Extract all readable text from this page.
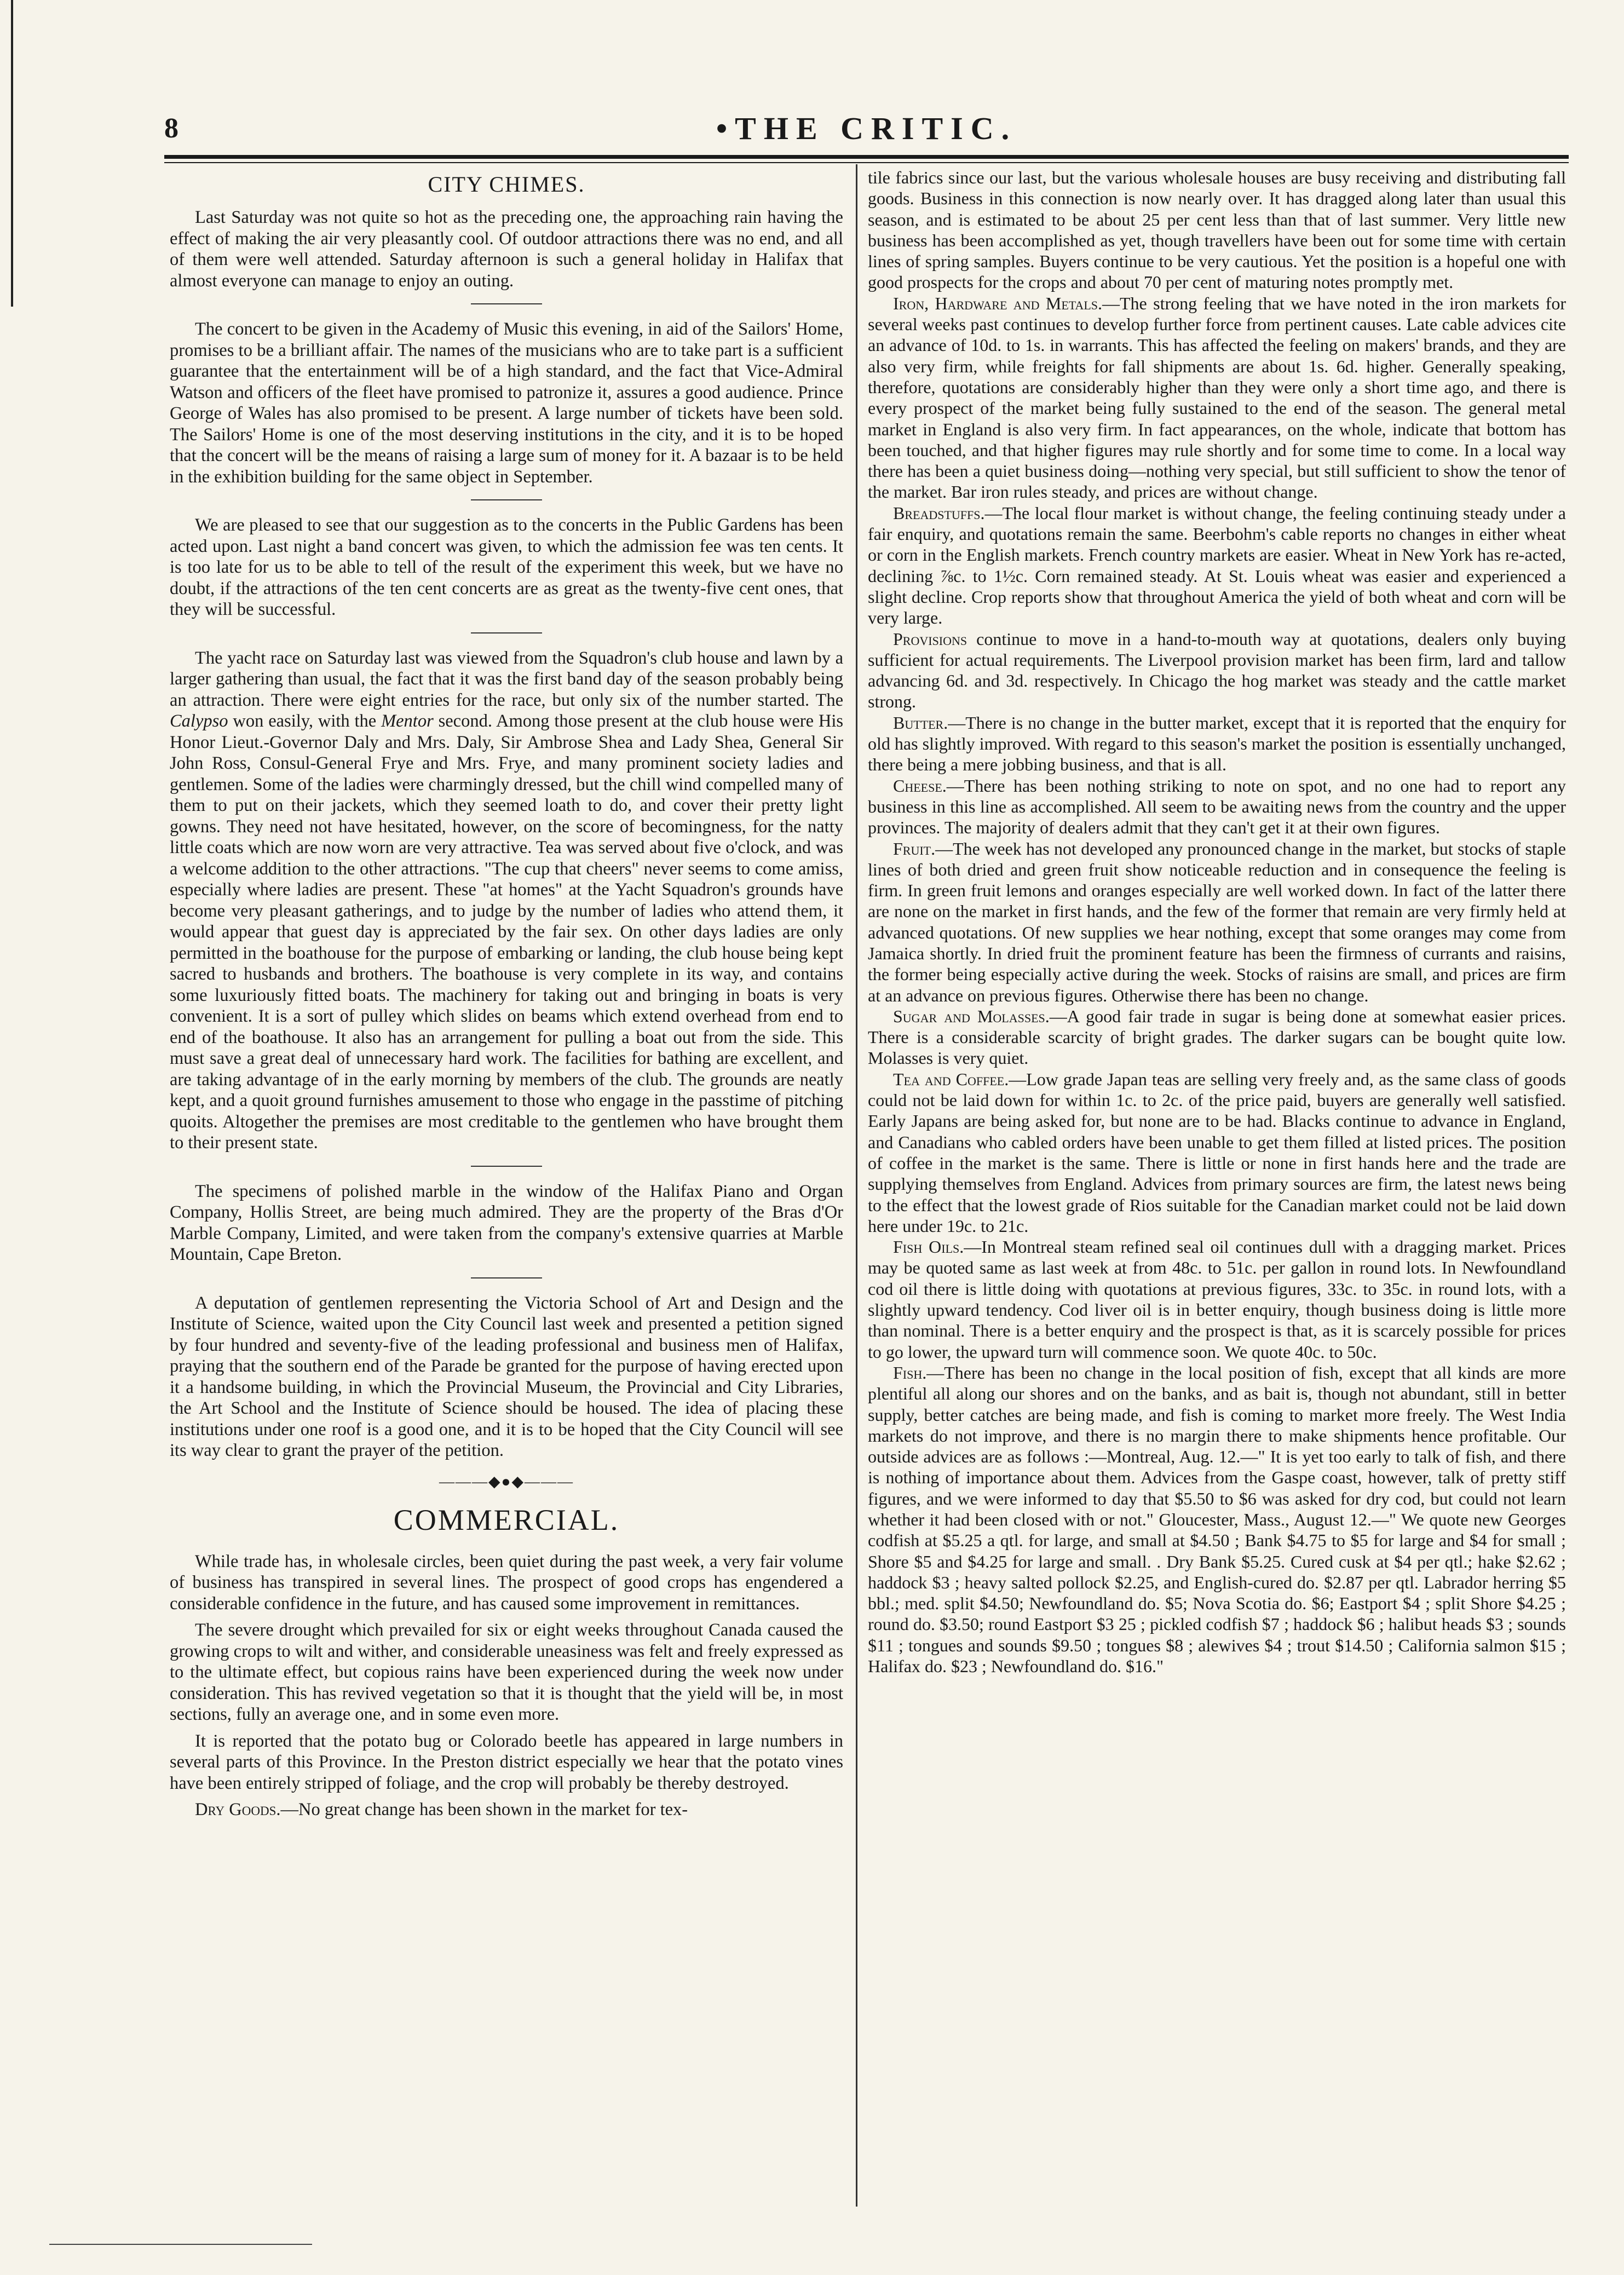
8	•THE CRITIC.
CITY CHIMES.

Last Saturday was not quite so hot as the preceding one, the approaching rain having the effect of making the air very pleasantly cool. Of outdoor attractions there was no end, and all of them were well attended. Saturday afternoon is such a general holiday in Halifax that almost everyone can manage to enjoy an outing.

The concert to be given in the Academy of Music this evening, in aid of the Sailors' Home, promises to be a brilliant affair. The names of the musicians who are to take part is a sufficient guarantee that the entertainment will be of a high standard, and the fact that Vice-Admiral Watson and officers of the fleet have promised to patronize it, assures a good audience. Prince George of Wales has also promised to be present. A large number of tickets have been sold. The Sailors' Home is one of the most deserving institutions in the city, and it is to be hoped that the concert will be the means of raising a large sum of money for it. A bazaar is to be held in the exhibition building for the same object in September.

We are pleased to see that our suggestion as to the concerts in the Public Gardens has been acted upon. Last night a band concert was given, to which the admission fee was ten cents. It is too late for us to be able to tell of the result of the experiment this week, but we have no doubt, if the attractions of the ten cent concerts are as great as the twenty-five cent ones, that they will be successful.

The yacht race on Saturday last was viewed from the Squadron's club house and lawn by a larger gathering than usual, the fact that it was the first band day of the season probably being an attraction. There were eight entries for the race, but only six of the number started. The Calypso won easily, with the Mentor second. Among those present at the club house were His Honor Lieut.-Governor Daly and Mrs. Daly, Sir Ambrose Shea and Lady Shea, General Sir John Ross, Consul-General Frye and Mrs. Frye, and many prominent society ladies and gentlemen. Some of the ladies were charmingly dressed, but the chill wind compelled many of them to put on their jackets, which they seemed loath to do, and cover their pretty light gowns. They need not have hesitated, however, on the score of becomingness, for the natty little coats which are now worn are very attractive. Tea was served about five o'clock, and was a welcome addition to the other attractions. "The cup that cheers" never seems to come amiss, especially where ladies are present. These "at homes" at the Yacht Squadron's grounds have become very pleasant gatherings, and to judge by the number of ladies who attend them, it would appear that guest day is appreciated by the fair sex. On other days ladies are only permitted in the boathouse for the purpose of embarking or landing, the club house being kept sacred to husbands and brothers. The boathouse is very complete in its way, and contains some luxuriously fitted boats. The machinery for taking out and bringing in boats is very convenient. It is a sort of pulley which slides on beams which extend overhead from end to end of the boathouse. It also has an arrangement for pulling a boat out from the side. This must save a great deal of unnecessary hard work. The facilities for bathing are excellent, and are taking advantage of in the early morning by members of the club. The grounds are neatly kept, and a quoit ground furnishes amusement to those who engage in the passtime of pitching quoits. Altogether the premises are most creditable to the gentlemen who have brought them to their present state.

The specimens of polished marble in the window of the Halifax Piano and Organ Company, Hollis Street, are being much admired. They are the property of the Bras d'Or Marble Company, Limited, and were taken from the company's extensive quarries at Marble Mountain, Cape Breton.

A deputation of gentlemen representing the Victoria School of Art and Design and the Institute of Science, waited upon the City Council last week and presented a petition signed by four hundred and seventy-five of the leading professional and business men of Halifax, praying that the southern end of the Parade be granted for the purpose of having erected upon it a handsome building, in which the Provincial Museum, the Provincial and City Libraries, the Art School and the Institute of Science should be housed. The idea of placing these institutions under one roof is a good one, and it is to be hoped that the City Council will see its way clear to grant the prayer of the petition.

———◆●◆———
COMMERCIAL.

While trade has, in wholesale circles, been quiet during the past week, a very fair volume of business has transpired in several lines. The prospect of good crops has engendered a considerable confidence in the future, and has caused some improvement in remittances.

The severe drought which prevailed for six or eight weeks throughout Canada caused the growing crops to wilt and wither, and considerable uneasiness was felt and freely expressed as to the ultimate effect, but copious rains have been experienced during the week now under consideration. This has revived vegetation so that it is thought that the yield will be, in most sections, fully an average one, and in some even more.

It is reported that the potato bug or Colorado beetle has appeared in large numbers in several parts of this Province. In the Preston district especially we hear that the potato vines have been entirely stripped of foliage, and the crop will probably be thereby destroyed.

Dry Goods.—No great change has been shown in the market for tex-

tile fabrics since our last, but the various wholesale houses are busy receiving and distributing fall goods. Business in this connection is now nearly over. It has dragged along later than usual this season, and is estimated to be about 25 per cent less than that of last summer. Very little new business has been accomplished as yet, though travellers have been out for some time with certain lines of spring samples. Buyers continue to be very cautious. Yet the position is a hopeful one with good prospects for the crops and about 70 per cent of maturing notes promptly met.

Iron, Hardware and Metals.—The strong feeling that we have noted in the iron markets for several weeks past continues to develop further force from pertinent causes. Late cable advices cite an advance of 10d. to 1s. in warrants. This has affected the feeling on makers' brands, and they are also very firm, while freights for fall shipments are about 1s. 6d. higher. Generally speaking, therefore, quotations are considerably higher than they were only a short time ago, and there is every prospect of the market being fully sustained to the end of the season. The general metal market in England is also very firm. In fact appearances, on the whole, indicate that bottom has been touched, and that higher figures may rule shortly and for some time to come. In a local way there has been a quiet business doing—nothing very special, but still sufficient to show the tenor of the market. Bar iron rules steady, and prices are without change.

Breadstuffs.—The local flour market is without change, the feeling continuing steady under a fair enquiry, and quotations remain the same. Beerbohm's cable reports no changes in either wheat or corn in the English markets. French country markets are easier. Wheat in New York has re-acted, declining ⅞c. to 1½c. Corn remained steady. At St. Louis wheat was easier and experienced a slight decline. Crop reports show that throughout America the yield of both wheat and corn will be very large.

Provisions continue to move in a hand-to-mouth way at quotations, dealers only buying sufficient for actual requirements. The Liverpool provision market has been firm, lard and tallow advancing 6d. and 3d. respectively. In Chicago the hog market was steady and the cattle market strong.

Butter.—There is no change in the butter market, except that it is reported that the enquiry for old has slightly improved. With regard to this season's market the position is essentially unchanged, there being a mere jobbing business, and that is all.

Cheese.—There has been nothing striking to note on spot, and no one had to report any business in this line as accomplished. All seem to be awaiting news from the country and the upper provinces. The majority of dealers admit that they can't get it at their own figures.

Fruit.—The week has not developed any pronounced change in the market, but stocks of staple lines of both dried and green fruit show noticeable reduction and in consequence the feeling is firm. In green fruit lemons and oranges especially are well worked down. In fact of the latter there are none on the market in first hands, and the few of the former that remain are very firmly held at advanced quotations. Of new supplies we hear nothing, except that some oranges may come from Jamaica shortly. In dried fruit the prominent feature has been the firmness of currants and raisins, the former being especially active during the week. Stocks of raisins are small, and prices are firm at an advance on previous figures. Otherwise there has been no change.

Sugar and Molasses.—A good fair trade in sugar is being done at somewhat easier prices. There is a considerable scarcity of bright grades. The darker sugars can be bought quite low. Molasses is very quiet.

Tea and Coffee.—Low grade Japan teas are selling very freely and, as the same class of goods could not be laid down for within 1c. to 2c. of the price paid, buyers are generally well satisfied. Early Japans are being asked for, but none are to be had. Blacks continue to advance in England, and Canadians who cabled orders have been unable to get them filled at listed prices. The position of coffee in the market is the same. There is little or none in first hands here and the trade are supplying themselves from England. Advices from primary sources are firm, the latest news being to the effect that the lowest grade of Rios suitable for the Canadian market could not be laid down here under 19c. to 21c.

Fish Oils.—In Montreal steam refined seal oil continues dull with a dragging market. Prices may be quoted same as last week at from 48c. to 51c. per gallon in round lots. In Newfoundland cod oil there is little doing with quotations at previous figures, 33c. to 35c. in round lots, with a slightly upward tendency. Cod liver oil is in better enquiry, though business doing is little more than nominal. There is a better enquiry and the prospect is that, as it is scarcely possible for prices to go lower, the upward turn will commence soon. We quote 40c. to 50c.

Fish.—There has been no change in the local position of fish, except that all kinds are more plentiful all along our shores and on the banks, and as bait is, though not abundant, still in better supply, better catches are being made, and fish is coming to market more freely. The West India markets do not improve, and there is no margin there to make shipments hence profitable. Our outside advices are as follows :—Montreal, Aug. 12.—" It is yet too early to talk of fish, and there is nothing of importance about them. Advices from the Gaspe coast, however, talk of pretty stiff figures, and we were informed to day that $5.50 to $6 was asked for dry cod, but could not learn whether it had been closed with or not." Gloucester, Mass., August 12.—" We quote new Georges codfish at $5.25 a qtl. for large, and small at $4.50 ; Bank $4.75 to $5 for large and $4 for small ; Shore $5 and $4.25 for large and small. . Dry Bank $5.25. Cured cusk at $4 per qtl.; hake $2.62 ; haddock $3 ; heavy salted pollock $2.25, and English-cured do. $2.87 per qtl. Labrador herring $5 bbl.; med. split $4.50; Newfoundland do. $5; Nova Scotia do. $6; Eastport $4 ; split Shore $4.25 ; round do. $3.50; round Eastport $3 25 ; pickled codfish $7 ; haddock $6 ; halibut heads $3 ; sounds $11 ; tongues and sounds $9.50 ; tongues $8 ; alewives $4 ; trout $14.50 ; California salmon $15 ; Halifax do. $23 ; Newfoundland do. $16."
